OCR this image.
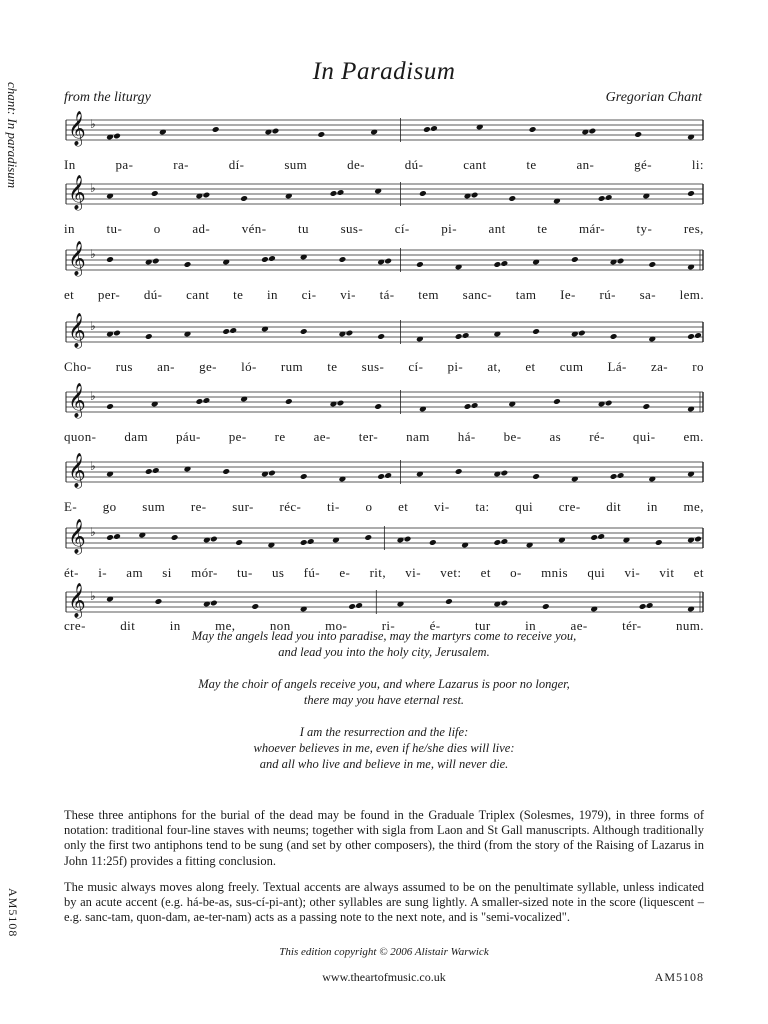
chant: In paradisum
AM5108
In Paradisum
from the liturgy	Gregorian Chant
𝄞 ♭
𝄞 ♭
𝄞 ♭
𝄞 ♭
𝄞 ♭
𝄞 ♭
𝄞 ♭
𝄞 ♭
In	pa-	ra-	dí-	sum	de-	dú-	cant	te	an-	gé-	li:
in tu- o ad- vén- tu sus- cí- pi- ant te már- ty- res,
et per- dú- cant te in ci- vi- tá- tem sanc- tam Ie- rú- sa- lem.
Cho- rus an- ge- ló- rum te sus- cí- pi- at, et cum Lá- za- ro
quon- dam páu- pe- re ae- ter- nam há- be- as ré- qui- em.
E- go sum re- sur- réc- ti- o et vi- ta: qui cre- dit in me,
ét- i- am si mór- tu- us fú- e- rit, vi- vet: et o- mnis qui vi- vit et
cre-	dit	in	me,	non	mo-	ri-	é-	tur	in	ae-	tér-	num.
May the angels lead you into paradise, may the martyrs come to receive you,
and lead you into the holy city, Jerusalem.
May the choir of angels receive you, and where Lazarus is poor no longer,
there may you have eternal rest.
I am the resurrection and the life:
whoever believes in me, even if he/she dies will live:
and all who live and believe in me, will never die.
These three antiphons for the burial of the dead may be found in the Graduale Triplex (Solesmes, 1979), in three forms of notation: traditional four-line staves with neums; together with sigla from Laon and St Gall manuscripts. Although traditionally only the first two antiphons tend to be sung (and set by other composers), the third (from the story of the Raising of Lazarus in John 11:25f) provides a fitting conclusion.
The music always moves along freely. Textual accents are always assumed to be on the penultimate syllable, unless indicated by an acute accent (e.g. há-be-as, sus-cí-pi-ant); other syllables are sung lightly. A smaller-sized note in the score (liquescent – e.g. sanc-tam, quon-dam, ae-ter-nam) acts as a passing note to the next note, and is "semi-vocalized".
This edition copyright © 2006 Alistair Warwick
www.theartofmusic.co.uk	AM5108
